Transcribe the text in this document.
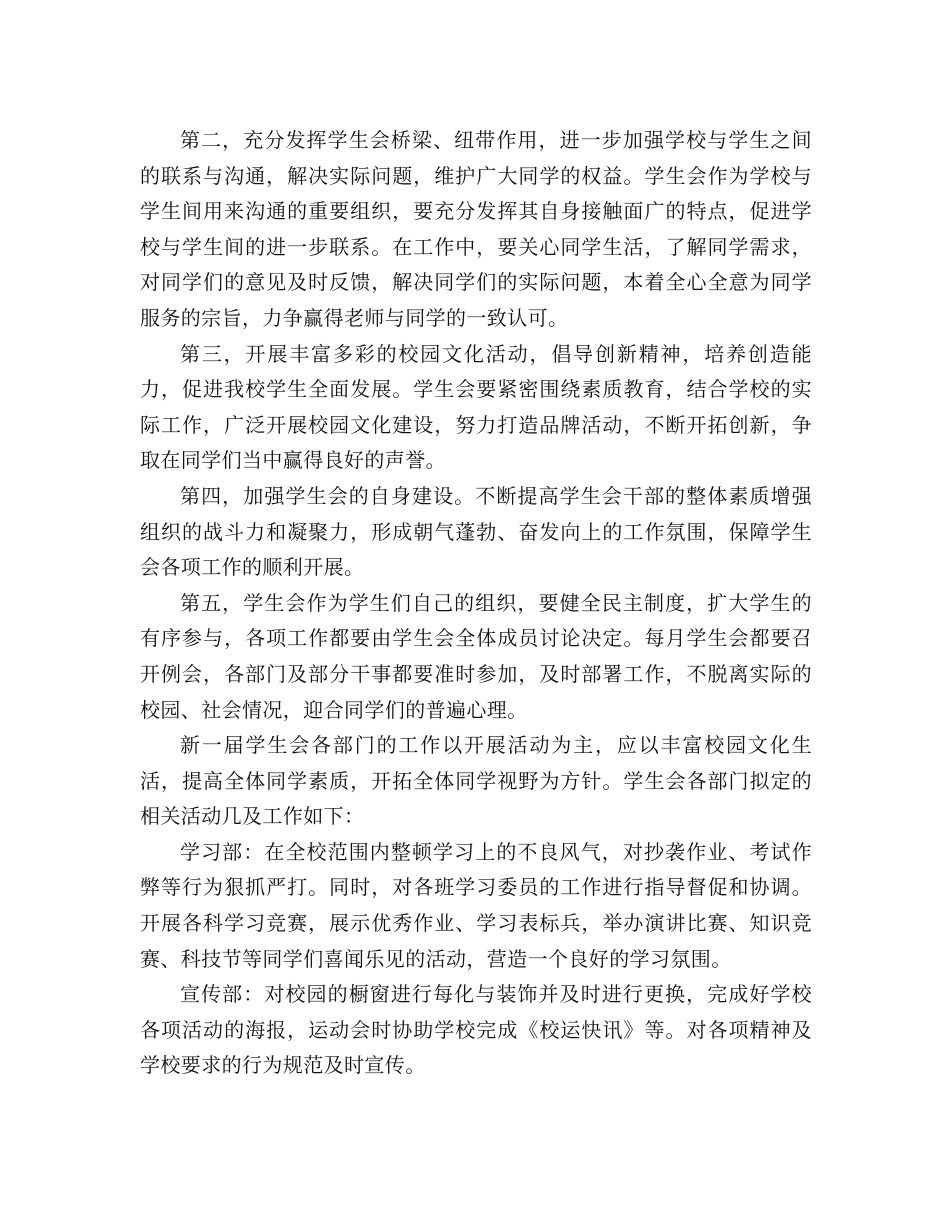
第二，充分发挥学生会桥梁、纽带作用，进一步加强学校与学生之间的联系与沟通，解决实际问题，维护广大同学的权益。学生会作为学校与学生间用来沟通的重要组织，要充分发挥其自身接触面广的特点，促进学校与学生间的进一步联系。在工作中，要关心同学生活，了解同学需求，对同学们的意见及时反馈，解决同学们的实际问题，本着全心全意为同学服务的宗旨，力争赢得老师与同学的一致认可。

第三，开展丰富多彩的校园文化活动，倡导创新精神，培养创造能力，促进我校学生全面发展。学生会要紧密围绕素质教育，结合学校的实际工作，广泛开展校园文化建设，努力打造品牌活动，不断开拓创新，争取在同学们当中赢得良好的声誉。

第四，加强学生会的自身建设。不断提高学生会干部的整体素质增强组织的战斗力和凝聚力，形成朝气蓬勃、奋发向上的工作氛围，保障学生会各项工作的顺利开展。

第五，学生会作为学生们自己的组织，要健全民主制度，扩大学生的有序参与，各项工作都要由学生会全体成员讨论决定。每月学生会都要召开例会，各部门及部分干事都要准时参加，及时部署工作，不脱离实际的校园、社会情况，迎合同学们的普遍心理。

新一届学生会各部门的工作以开展活动为主，应以丰富校园文化生活，提高全体同学素质，开拓全体同学视野为方针。学生会各部门拟定的相关活动几及工作如下：

学习部：在全校范围内整顿学习上的不良风气，对抄袭作业、考试作弊等行为狠抓严打。同时，对各班学习委员的工作进行指导督促和协调。开展各科学习竞赛，展示优秀作业、学习表标兵，举办演讲比赛、知识竞赛、科技节等同学们喜闻乐见的活动，营造一个良好的学习氛围。

宣传部：对校园的橱窗进行每化与装饰并及时进行更换，完成好学校各项活动的海报，运动会时协助学校完成《校运快讯》等。对各项精神及学校要求的行为规范及时宣传。
